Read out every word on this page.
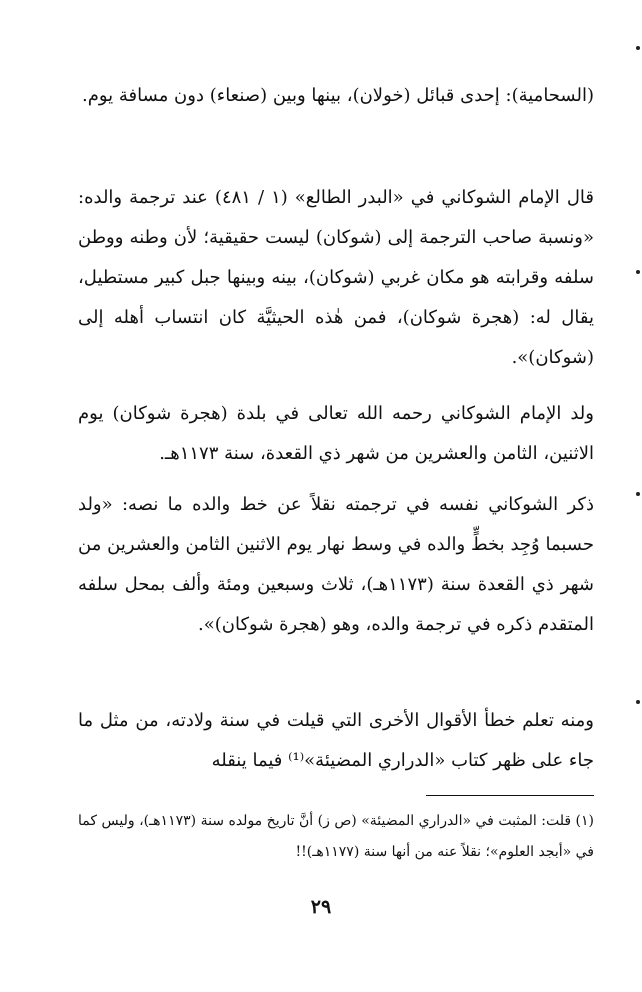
(السحامية): إحدى قبائل (خولان)، بينها وبين (صنعاء) دون مسافة يوم.

قال الإمام الشوكاني في «البدر الطالع» (١ / ٤٨١) عند ترجمة والده: «ونسبة صاحب الترجمة إلى (شوكان) ليست حقيقية؛ لأن وطنه ووطن سلفه وقرابته هو مكان غربي (شوكان)، بينه وبينها جبل كبير مستطيل، يقال له: (هجرة شوكان)، فمن هٰذه الحيثيَّة كان انتساب أهله إلى (شوكان)».

ولد الإمام الشوكاني رحمه الله تعالى في بلدة (هجرة شوكان) يوم الاثنين، الثامن والعشرين من شهر ذي القعدة، سنة ١١٧٣هـ.

ذكر الشوكاني نفسه في ترجمته نقلاً عن خط والده ما نصه: «ولد حسبما وُجِد بخطٍّ والده في وسط نهار يوم الاثنين الثامن والعشرين من شهر ذي القعدة سنة (١١٧٣هـ)، ثلاث وسبعين ومئة وألف بمحل سلفه المتقدم ذكره في ترجمة والده، وهو (هجرة شوكان)».

ومنه تعلم خطأ الأقوال الأخرى التي قيلت في سنة ولادته، من مثل ما جاء على ظهر كتاب «الدراري المضيئة»⁽¹⁾ فيما ينقله

(١) قلت: المثبت في «الدراري المضيئة» (ص ز) أنَّ تاريخ مولده سنة (١١٧٣هـ)، وليس كما في «أبجد العلوم»؛ نقلاً عنه من أنها سنة (١١٧٧هـ)!!

٢٩
